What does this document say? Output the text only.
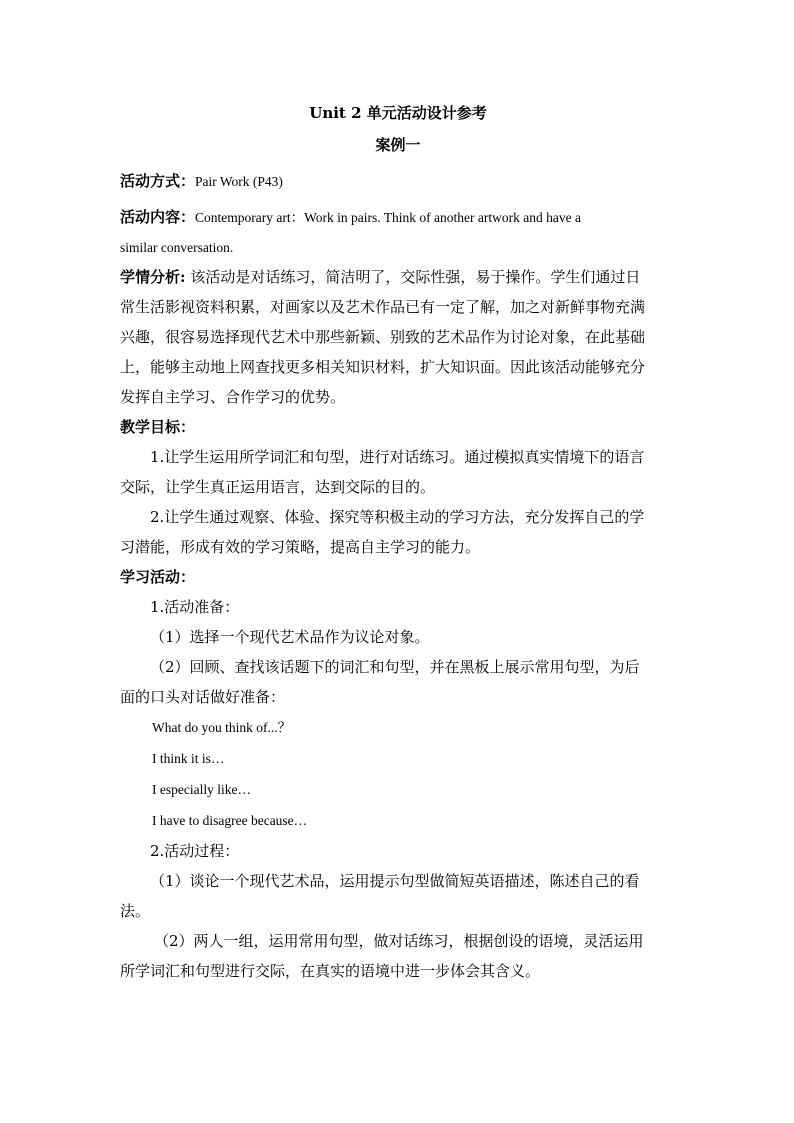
Unit 2 单元活动设计参考
案例一

活动方式：Pair Work (P43)

活动内容：Contemporary art：Work in pairs. Think of another artwork and have a

similar conversation.

学情分析: 该活动是对话练习，简洁明了，交际性强，易于操作。学生们通过日

常生活影视资料积累，对画家以及艺术作品已有一定了解，加之对新鲜事物充满

兴趣，很容易选择现代艺术中那些新颖、别致的艺术品作为讨论对象，在此基础

上，能够主动地上网查找更多相关知识材料，扩大知识面。因此该活动能够充分

发挥自主学习、合作学习的优势。

教学目标：

1.让学生运用所学词汇和句型，进行对话练习。通过模拟真实情境下的语言

交际，让学生真正运用语言，达到交际的目的。

2.让学生通过观察、体验、探究等积极主动的学习方法，充分发挥自己的学

习潜能，形成有效的学习策略，提高自主学习的能力。

学习活动：

1.活动准备：

（1）选择一个现代艺术品作为议论对象。

（2）回顾、查找该话题下的词汇和句型，并在黑板上展示常用句型，为后

面的口头对话做好准备：

What do you think of...？

I think it is…

I especially like…

I have to disagree because…

2.活动过程：

（1）谈论一个现代艺术品，运用提示句型做简短英语描述，陈述自己的看

法。

（2）两人一组，运用常用句型，做对话练习，根据创设的语境，灵活运用

所学词汇和句型进行交际，在真实的语境中进一步体会其含义。
